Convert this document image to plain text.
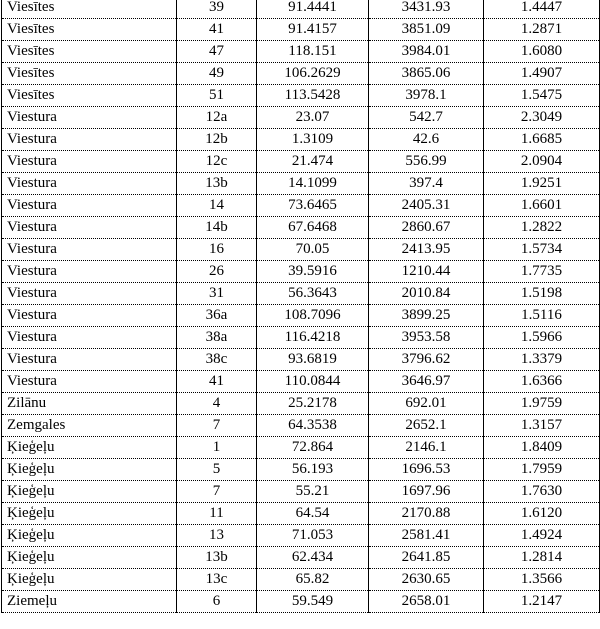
Viesītes	39	91.4441	3431.93	1.4447
Viesītes	41	91.4157	3851.09	1.2871
Viesītes	47	118.151	3984.01	1.6080
Viesītes	49	106.2629	3865.06	1.4907
Viesītes	51	113.5428	3978.1	1.5475
Viestura	12a	23.07	542.7	2.3049
Viestura	12b	1.3109	42.6	1.6685
Viestura	12c	21.474	556.99	2.0904
Viestura	13b	14.1099	397.4	1.9251
Viestura	14	73.6465	2405.31	1.6601
Viestura	14b	67.6468	2860.67	1.2822
Viestura	16	70.05	2413.95	1.5734
Viestura	26	39.5916	1210.44	1.7735
Viestura	31	56.3643	2010.84	1.5198
Viestura	36a	108.7096	3899.25	1.5116
Viestura	38a	116.4218	3953.58	1.5966
Viestura	38c	93.6819	3796.62	1.3379
Viestura	41	110.0844	3646.97	1.6366
Zilānu	4	25.2178	692.01	1.9759
Zemgales	7	64.3538	2652.1	1.3157
Ķieģeļu	1	72.864	2146.1	1.8409
Ķieģeļu	5	56.193	1696.53	1.7959
Ķieģeļu	7	55.21	1697.96	1.7630
Ķieģeļu	11	64.54	2170.88	1.6120
Ķieģeļu	13	71.053	2581.41	1.4924
Ķieģeļu	13b	62.434	2641.85	1.2814
Ķieģeļu	13c	65.82	2630.65	1.3566
Ziemeļu	6	59.549	2658.01	1.2147
